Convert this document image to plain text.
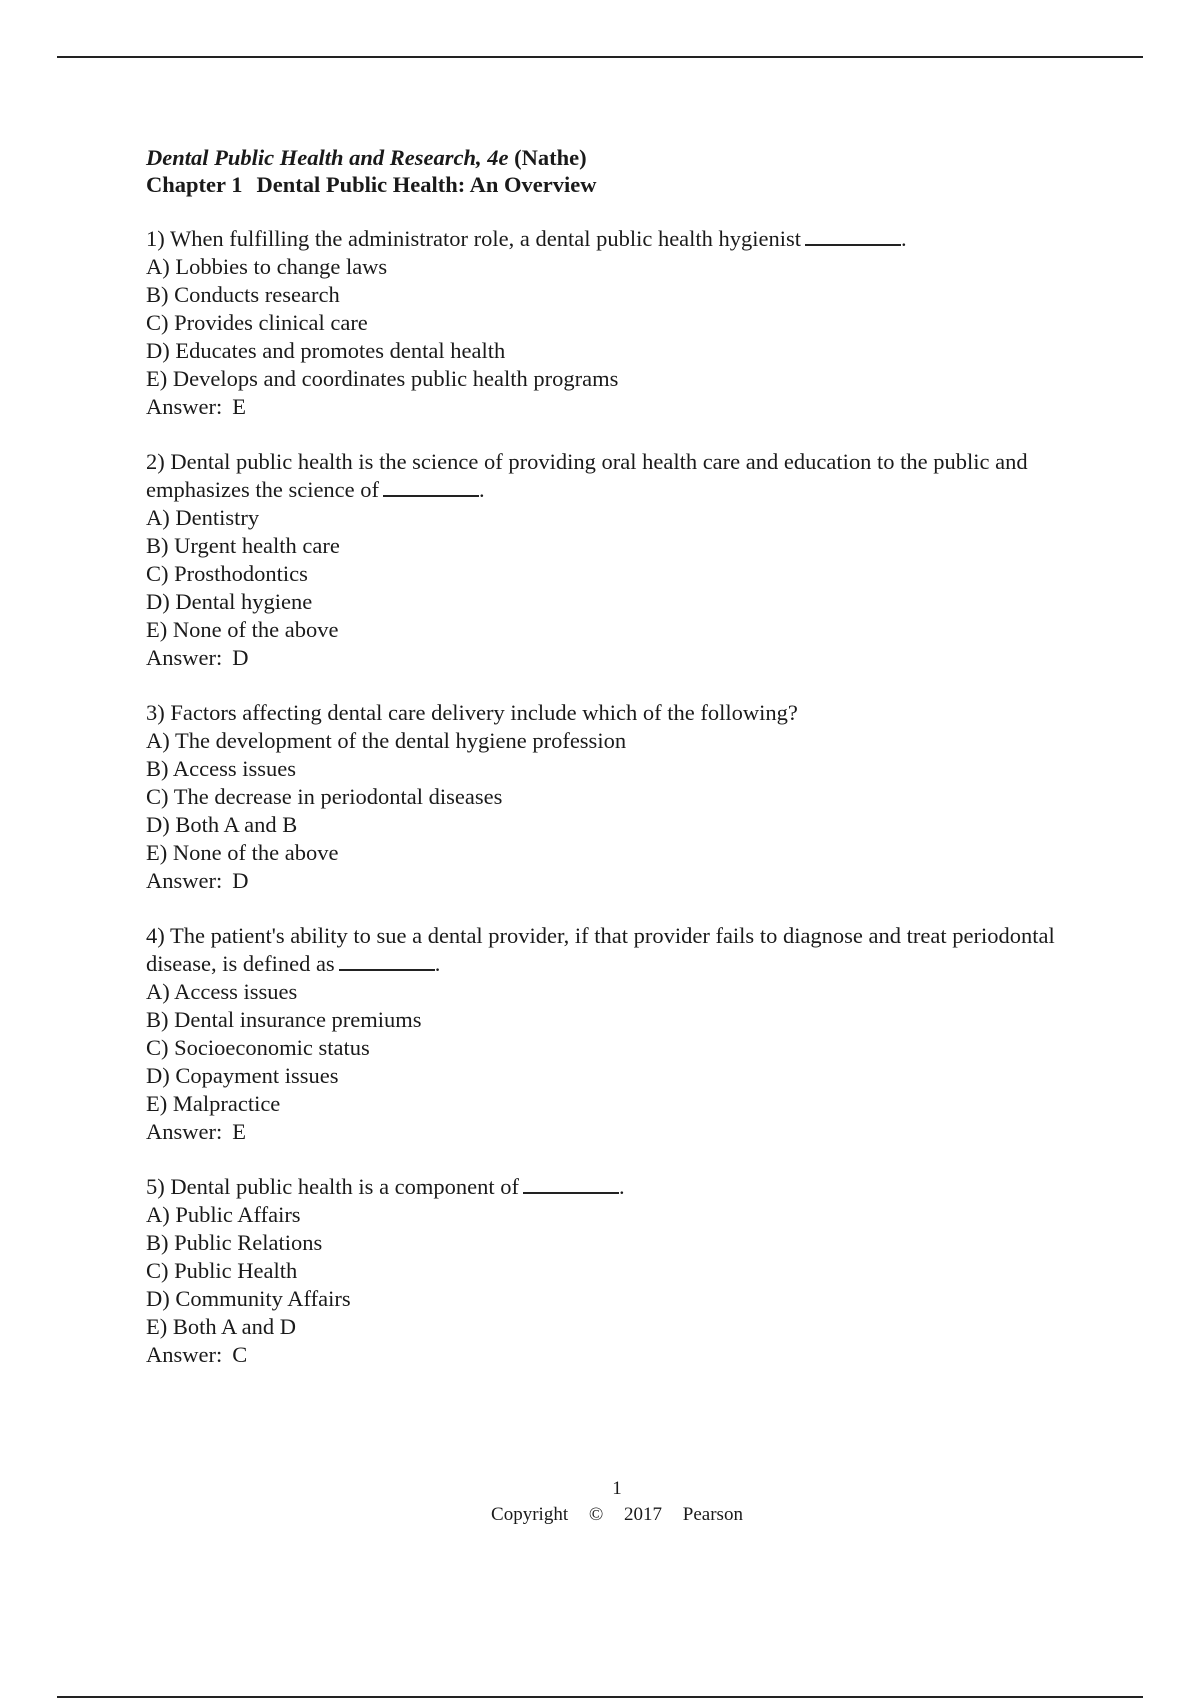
Dental Public Health and Research, 4e (Nathe)
Chapter 1 Dental Public Health: An Overview
1) When fulfilling the administrator role, a dental public health hygienist	.
A) Lobbies to change laws
B) Conducts research
C) Provides clinical care
D) Educates and promotes dental health
E) Develops and coordinates public health programs
Answer: E
2) Dental public health is the science of providing oral health care and education to the public and emphasizes the science of	.
A) Dentistry
B) Urgent health care
C) Prosthodontics
D) Dental hygiene
E) None of the above
Answer: D
3) Factors affecting dental care delivery include which of the following?
A) The development of the dental hygiene profession
B) Access issues
C) The decrease in periodontal diseases
D) Both A and B
E) None of the above
Answer: D
4) The patient's ability to sue a dental provider, if that provider fails to diagnose and treat periodontal disease, is defined as	.
A) Access issues
B) Dental insurance premiums
C) Socioeconomic status
D) Copayment issues
E) Malpractice
Answer: E
5) Dental public health is a component of	.
A) Public Affairs
B) Public Relations
C) Public Health
D) Community Affairs
E) Both A and D
Answer: C
1
Copyright © 2017 Pearson
